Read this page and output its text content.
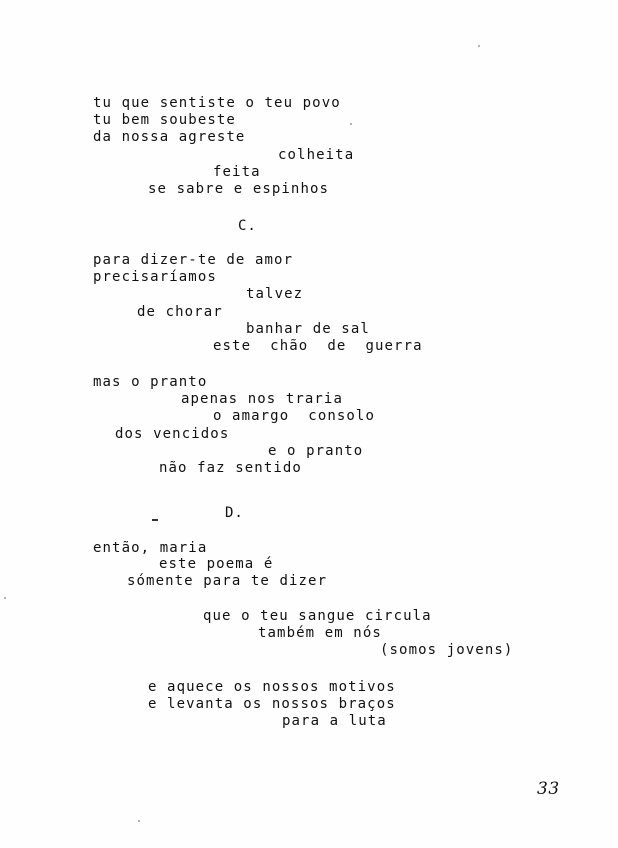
tu que sentiste o teu povo
tu bem soubeste
da nossa agreste
colheita
feita
se sabre e espinhos
C.
para dizer-te de amor
precisaríamos
talvez
de chorar
banhar de sal
este  chão  de  guerra
mas o pranto
apenas nos traria
o amargo  consolo
dos vencidos
e o pranto
não faz sentido
D.
então, maria
este poema é
sómente para te dizer
que o teu sangue circula
também em nós
(somos jovens)
e aquece os nossos motivos
e levanta os nossos braços
para a luta
33
